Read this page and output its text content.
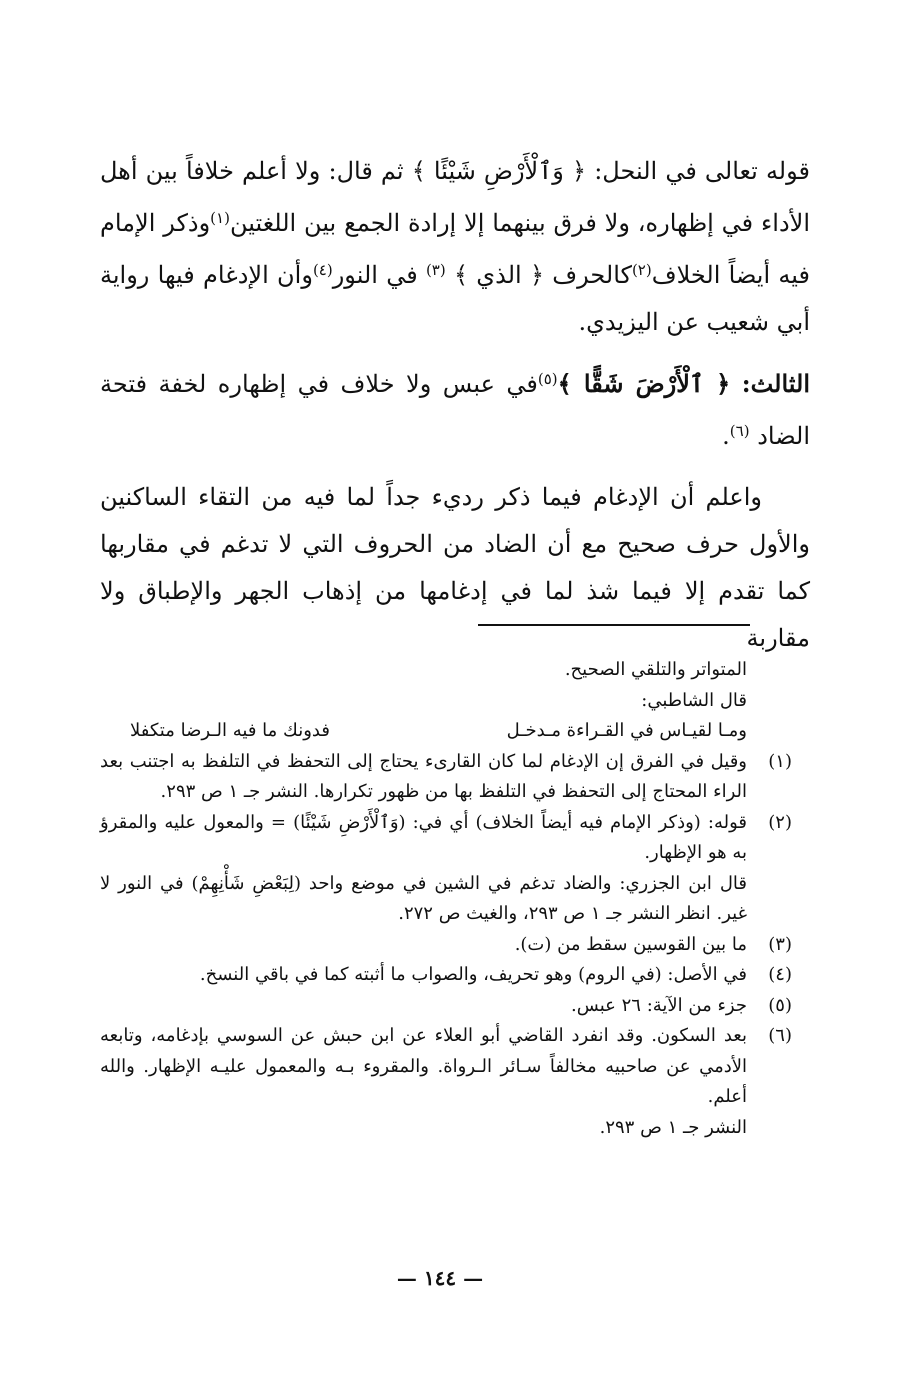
قوله تعالى في النحل: ﴿ وَٱلْأَرْضِ شَيْئًا ﴾ ثم قال: ولا أعلم خلافاً بين أهل الأداء في إظهاره، ولا فرق بينهما إلا إرادة الجمع بين اللغتين$^{(١)}$وذكر الإمام فيه أيضاً الخلاف$^{(٢)}$كالحرف ﴿ الذي ﴾ $^{(٣)}$ في النور$^{(٤)}$وأن الإدغام فيها رواية أبي شعيب عن اليزيدي.

الثالث: ﴿ ٱلْأَرْضَ شَقًّا ﴾$^{(٥)}$في عبس ولا خلاف في إظهاره لخفة فتحة الضاد $^{(٦)}$.

واعلم أن الإدغام فيما ذكر رديء جداً لما فيه من التقاء الساكنين والأول حرف صحيح مع أن الضاد من الحروف التي لا تدغم في مقاربها كما تقدم إلا فيما شذ لما في إدغامها من إذهاب الجهر والإطباق ولا مقاربة

المتواتر والتلقي الصحيح.
قال الشاطبي:
ومـا لقيـاس في القـراءة مـدخـل
فدونك ما فيه الـرضا متكفلا
(١)
وقيل في الفرق إن الإدغام لما كان القارىء يحتاج إلى التحفظ في التلفظ به اجتنب بعد الراء المحتاج إلى التحفظ في التلفظ بها من ظهور تكرارها. النشر جـ ١ ص ٢٩٣.
(٢)
قوله: (وذكر الإمام فيه أيضاً الخلاف) أي في: (وَٱلْأَرْضِ شَيْئًا) = والمعول عليه والمقرؤ به هو الإظهار.
قال ابن الجزري: والضاد تدغم في الشين في موضع واحد (لِبَعْضِ شَأْنِهِمْ) في النور لا غير. انظر النشر جـ ١ ص ٢٩٣، والغيث ص ٢٧٢.
(٣)
ما بين القوسين سقط من (ت).
(٤)
في الأصل: (في الروم) وهو تحريف، والصواب ما أثبته كما في باقي النسخ.
(٥)
جزء من الآية: ٢٦ عبس.
(٦)
بعد السكون. وقد انفرد القاضي أبو العلاء عن ابن حبش عن السوسي بإدغامه، وتابعه الأدمي عن صاحبيه مخالفاً سـائر الـرواة. والمقروء بـه والمعمول عليـه الإظهار. والله أعلم.
النشر جـ ١ ص ٢٩٣.
— ١٤٤ —
